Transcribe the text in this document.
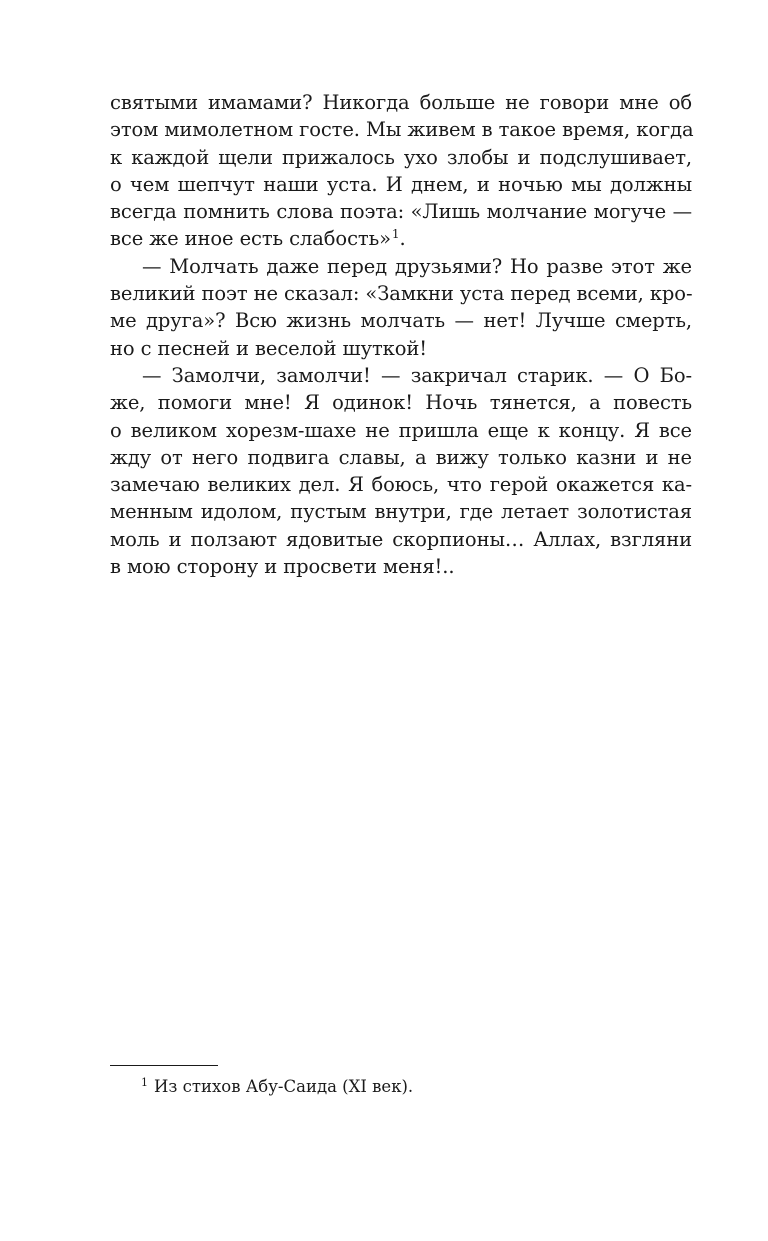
святыми имамами? Никогда больше не говори мне об
этом мимолетном госте. Мы живем в такое время, когда
к каждой щели прижалось ухо злобы и подслушивает,
о чем шепчут наши уста. И днем, и ночью мы должны
всегда помнить слова поэта: «Лишь молчание могуче —
все же иное есть слабость»$^1$.
— Молчать даже перед друзьями? Но разве этот же
великий поэт не сказал: «Замкни уста перед всеми, кро-
ме друга»? Всю жизнь молчать — нет! Лучше смерть,
но с песней и веселой шуткой!
— Замолчи, замолчи! — закричал старик. — О Бо-
же, помоги мне! Я одинок! Ночь тянется, а повесть
о великом хорезм-шахе не пришла еще к концу. Я все
жду от него подвига славы, а вижу только казни и не
замечаю великих дел. Я боюсь, что герой окажется ка-
менным идолом, пустым внутри, где летает золотистая
моль и ползают ядовитые скорпионы… Аллах, взгляни
в мою сторону и просвети меня!..
$^1$ Из стихов Абу-Саида (XI век).
